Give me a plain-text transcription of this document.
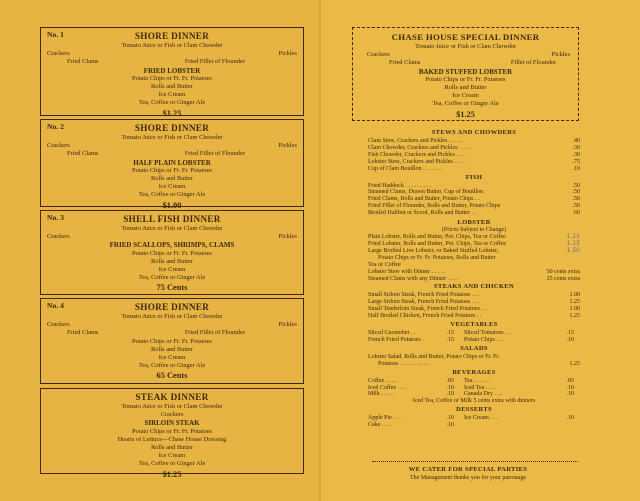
No. 1	SHORE DINNER
Tomato Juice or Fish or Clam Chowder
Crackers	Pickles
Fried Clams	Fried Fillet of Flounder
FRIED LOBSTER
Potato Chips or Fr. Fr. Potatoes
Rolls and Butter
Ice Cream
Tea, Coffee or Ginger Ale
$1.25
No. 2	SHORE DINNER
Tomato Juice or Fish or Clam Chowder
Crackers	Pickles
Fried Clams	Fried Fillet of Flounder
HALF PLAIN LOBSTER
Potato Chips or Fr. Fr. Potatoes
Rolls and Butter
Ice Cream
Tea, Coffee or Ginger Ale
$1.00
No. 3	SHELL FISH DINNER
Tomato Juice or Fish or Clam Chowder
Crackers	Pickles
FRIED SCALLOPS, SHRIMPS, CLAMS
Potato Chips or Fr. Fr. Potatoes
Rolls and Butter
Ice Cream
Tea, Coffee or Ginger Ale
75 Cents
No. 4	SHORE DINNER
Tomato Juice or Fish or Clam Chowder
Crackers	Pickles
Fried Clams	Fried Fillet of Flounder
Potato Chips or Fr. Fr. Potatoes
Rolls and Butter
Ice Cream
Tea, Coffee or Ginger Ale
65 Cents
STEAK DINNER
Tomato Juice or Fish or Clam Chowder
Crackers
SIRLOIN STEAK
Potato Chips or Fr. Fr. Potatoes
Hearts of Lettuce—Chase House Dressing
Rolls and Butter
Ice Cream
Tea, Coffee or Ginger Ale
$1.25
CHASE HOUSE SPECIAL DINNER
Tomato Juice or Fish or Clam Chowder
Crackers	Pickles
Fried Clams	Fillet of Flounder
BAKED STUFFED LOBSTER
Potato Chips or Fr. Fr. Potatoes
Rolls and Butter
Ice Cream
Tea, Coffee or Ginger Ale
$1.25
STEWS AND CHOWDERS
Clam Stew, Crackers and Pickles . . . . .	.40
Clam Chowder, Crackers and Pickles . . . .	.30
Fish Chowder, Crackers and Pickles . . . .	.30
Lobster Stew, Crackers and Pickles . . . .	.75
Cup of Clam Bouillon . . . . . . .	.10
FISH
Fried Haddock . . . . . . . . .	.50
Steamed Clams, Drawn Butter, Cup of Bouillon	.50
Fried Clams, Rolls and Butter, Potato Chips . .	.50
Fried Fillet of Flounder, Rolls and Butter, Potato Chips	.50
Broiled Halibut or Scrod, Rolls and Butter . .	.60
LOBSTER
(Prices Subject to Change)
Plain Lobster, Rolls and Butter, Pot. Chips, Tea or Coffee	1.15
Fried Lobster, Rolls and Butter, Pot. Chips, Tea or Coffee	1.15
Large Broiled Live Lobster, or Baked Stuffed Lobster,	1.50
Potato Chips or Fr. Fr. Potatoes, Rolls and Butter
Tea or Coffee
Lobster Stew with Dinner . . . . .	50 cents extra
Steamed Clams with any Dinner . . . .	25 cents extra
STEAKS AND CHICKEN
Small Sirloin Steak, French Fried Potatoes . . .	1.00
Large Sirloin Steak, French Fried Potatoes . . .	1.25
Small Tenderloin Steak, French Fried Potatoes . .	1.00
Half Broiled Chicken, French Fried Potatoes . .	1.25
VEGETABLES
Sliced Cucumber . .	.15 Sliced Tomatoes . .	.15
French Fried Potatoes .	.15 Potato Chips . . .	.10
SALADS
Lobster Salad, Rolls and Butter, Potato Chips or Fr. Fr.
Potatoes . . . . . . . . . .	1.25
BEVERAGES
Coffee . . . .	.05 Tea . . . . . .	.05
Iced Coffee . . .	.10 Iced Tea . . . .	.10
Milk . . . . .	.10 Canada Dry . . .	.10
Iced Tea, Coffee or Milk 5 cents extra with dinners
DESSERTS
Apple Pie . . .	.10 Ice Cream . . .	.10
Cake . . . .	.10
WE CATER FOR SPECIAL PARTIES
The Management thanks you for your patronage
